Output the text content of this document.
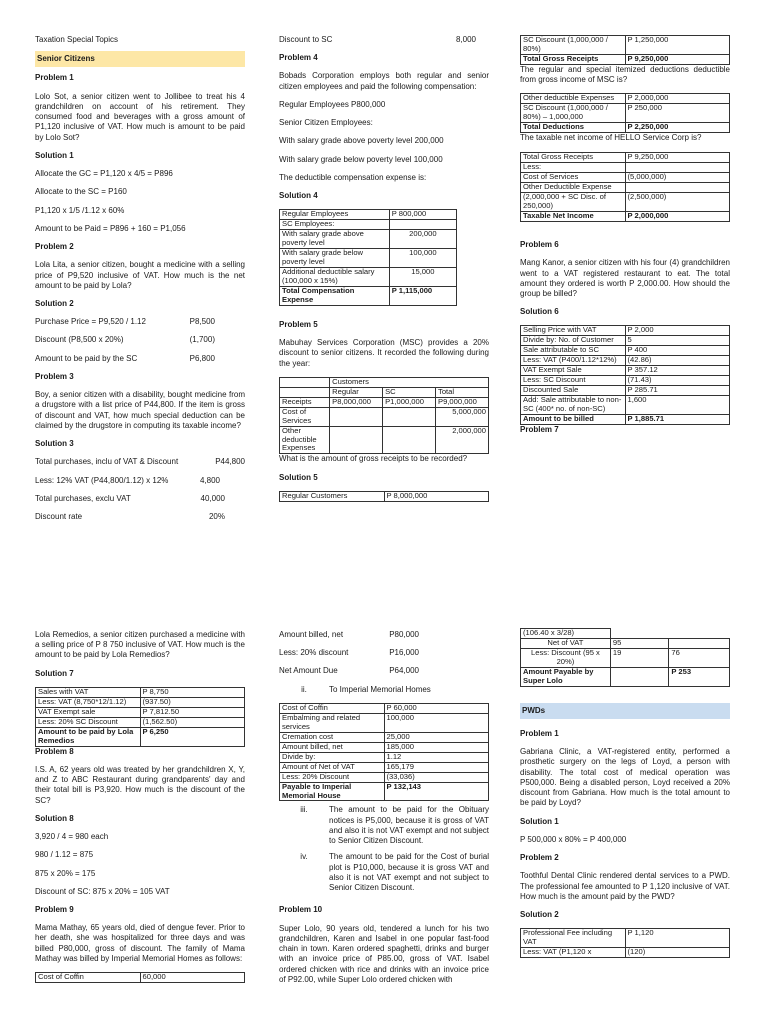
Taxation Special Topics
Senior Citizens
Problem 1
Lolo Sot, a senior citizen went to Jollibee to treat his 4 grandchildren on account of his retirement. They consumed food and beverages with a gross amount of P1,120 inclusive of VAT. How much is amount to be paid by Lolo Sot?
Solution 1
Allocate the GC = P1,120 x 4/5 = P896
Allocate to the SC = P160
P1,120 x 1/5 /1.12 x 60%
Amount to be Paid = P896 + 160 = P1,056
Problem 2
Lola Lita, a senior citizen, bought a medicine with a selling price of P9,520 inclusive of VAT. How much is the net amount to be paid by Lola?
Solution 2
Purchase Price = P9,520 / 1.12	P8,500
Discount (P8,500 x 20%)	(1,700)
Amount to be paid by the SC	P6,800
Problem 3
Boy, a senior citizen with a disability, bought medicine from a drugstore with a list price of P44,800. If the item is gross of discount and VAT, how much special deduction can be claimed by the drugstore in computing its taxable income?
Solution 3
Total purchases, inclu of VAT & Discount	P44,800
Less: 12% VAT (P44,800/1.12) x 12%	4,800
Total purchases, exclu VAT	40,000
Discount rate	20%
Discount to SC	8,000
Problem 4
Bobads Corporation employs both regular and senior citizen employees and paid the following compensation:
Regular Employees P800,000
Senior Citizen Employees:
With salary grade above poverty level 200,000
With salary grade below poverty level 100,000
The deductible compensation expense is:
Solution 4
Regular Employees	P 800,000
SC Employees:	
With salary grade above poverty level	200,000
With salary grade below poverty level	100,000
Additional deductible salary (100,000 x 15%)	15,000
Total Compensation Expense	P 1,115,000
Problem 5
Mabuhay Services Corporation (MSC) provides a 20% discount to senior citizens. It recorded the following during the year:
	Customers		
	Regular	SC	Total
Receipts	P8,000,000	P1,000,000	P9,000,000
Cost of Services			5,000,000
Other deductible Expenses			2,000,000
What is the amount of gross receipts to be recorded?
Solution 5
Regular Customers	P 8,000,000
SC Discount (1,000,000 / 80%)	P 1,250,000
Total Gross Receipts	P 9,250,000
The regular and special itemized deductions deductible from gross income of MSC is?
Other deductible Expenses	P 2,000,000
SC Discount (1,000,000 / 80%) – 1,000,000	P 250,000
Total Deductions	P 2,250,000
The taxable net income of HELLO Service Corp is?
Total Gross Receipts	P 9,250,000
Less:	
Cost of Services	(5,000,000)
Other Deductible Expense	
(2,000,000 + SC Disc. of 250,000)	(2,500,000)
Taxable Net Income	P 2,000,000
Problem 6
Mang Kanor, a senior citizen with his four (4) grandchildren went to a VAT registered restaurant to eat. The total amount they ordered is worth P 2,000.00. How should the group be billed?
Solution 6
Selling Price with VAT	P 2,000
Divide by: No. of Customer	5
Sale attributable to SC	P 400
Less: VAT (P400/1.12*12%)	(42.86)
VAT Exempt Sale	P 357.12
Less: SC Discount	(71.43)
Discounted Sale	P 285.71
Add: Sale attributable to non-SC (400* no. of non-SC)	1,600
Amount to be billed	P 1,885.71
Problem 7
Lola Remedios, a senior citizen purchased a medicine with a selling price of P 8 750 inclusive of VAT. How much is the amount to be paid by Lola Remedios?
Solution 7
Sales with VAT	P 8,750
Less: VAT (8,750*12/1.12)	(937.50)
VAT Exempt sale	P 7,812.50
Less: 20% SC Discount	(1,562.50)
Amount to be paid by Lola Remedios	P 6,250
Problem 8
I.S. A, 62 years old was treated by her grandchildren X, Y, and Z to ABC Restaurant during grandparents' day and their total bill is P3,920. How much is the discount of the SC?
Solution 8
3,920 / 4 = 980 each
980 / 1.12 = 875
875 x 20% = 175
Discount of SC: 875 x 20% = 105 VAT
Problem 9
Mama Mathay, 65 years old, died of dengue fever. Prior to her death, she was hospitalized for three days and was billed P80,000, gross of discount. The family of Mama Mathay was billed by Imperial Memorial Homes as follows:
Cost of Coffin	60,000
Amount billed, net	P80,000
Less: 20% discount	P16,000
Net Amount Due	P64,000
ii.	To Imperial Memorial Homes
Cost of Coffin	P 60,000
Embalming and related services	100,000
Cremation cost	25,000
Amount billed, net	185,000
Divide by:	1.12
Amount of Net of VAT	165,179
Less: 20% Discount	(33,036)
Payable to Imperial Memorial House	P 132,143
iii.	The amount to be paid for the Obituary notices is P5,000, because it is gross of VAT and also it is not VAT exempt and not subject to Senior Citizen Discount.
iv.	The amount to be paid for the Cost of burial plot is P10,000, because it is gross VAT and also it is not VAT exempt and not subject to Senior Citizen Discount.
Problem 10
Super Lolo, 90 years old, tendered a lunch for his two grandchildren, Karen and Isabel in one popular fast-food chain in town. Karen ordered spaghetti, drinks and burger with an invoice price of P85.00, gross of VAT. Isabel ordered chicken with rice and drinks with an invoice price of P92.00, while Super Lolo ordered chicken with
(106.40 x 3/28)		
Net of VAT	95	
Less: Discount (95 x 20%)	19	76
Amount Payable by Super Lolo		P 253
PWDs
Problem 1
Gabriana Clinic, a VAT-registered entity, performed a prosthetic surgery on the legs of Loyd, a person with disability. The total cost of medical operation was P500,000. Being a disabled person, Loyd received a 20% discount from Gabriana. How much is the total amount to be paid by Loyd?
Solution 1
P 500,000 x 80% = P 400,000
Problem 2
Toothful Dental Clinic rendered dental services to a PWD. The professional fee amounted to P 1,120 inclusive of VAT. How much is the amount paid by the PWD?
Solution 2
Professional Fee including VAT	P 1,120
Less: VAT (P1,120 x	(120)
